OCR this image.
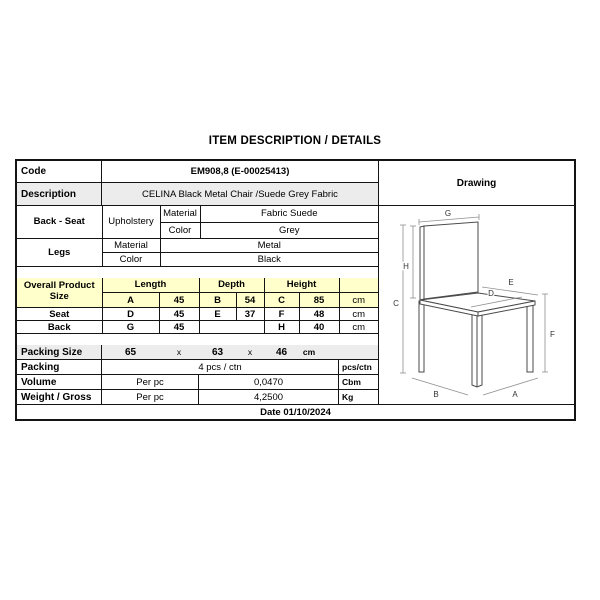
ITEM DESCRIPTION / DETAILS
Code	EM908,8 (E-00025413)
Description	CELINA Black Metal Chair /Suede Grey Fabric
Back - Seat	Upholstery	Material	Fabric Suede
		Color	Grey
Legs	Material	Metal	
	Color	Black	
Overall Product
Size	Length		Depth		Height		
	A	45	B	54	C	85	cm
Seat	D	45	E	37	F	48	cm
Back	G	45			H	40	cm
Packing Size	65	x	63	x	46	cm
Packing	4 pcs / ctn	pcs/ctn
Volume	Per pc	0,0470	Cbm
Weight / Gross	Per pc	4,2500	Kg
Drawing
G
H
C
E
D
F
B	A
Date 01/10/2024
